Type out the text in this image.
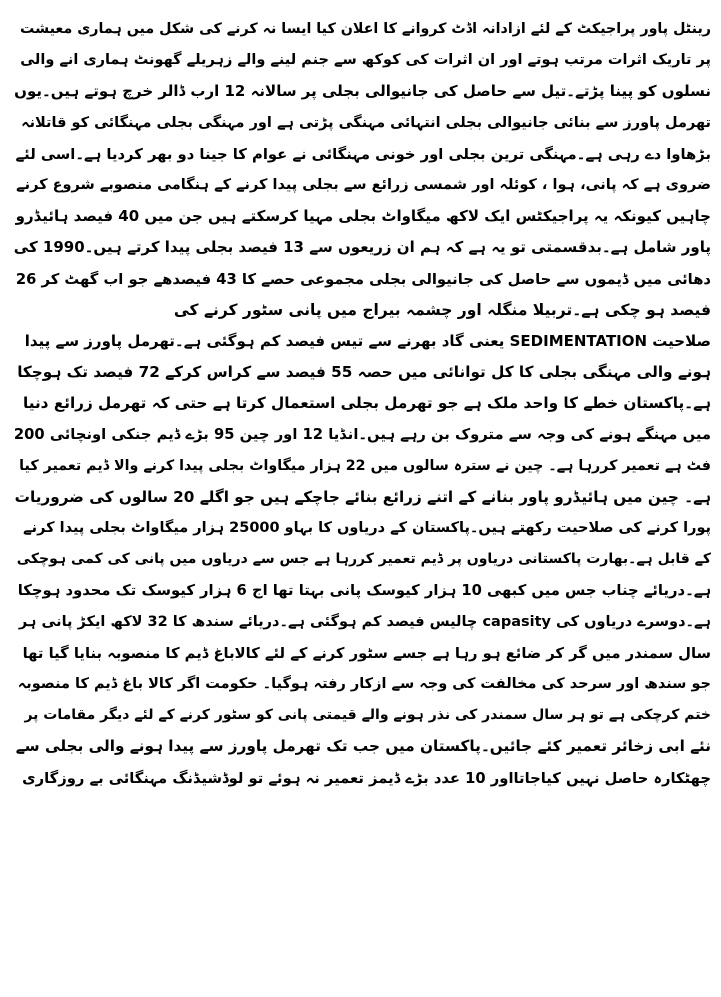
رینٹل پاور پراجیکٹ کے لئے ازادانہ اڈٹ کروانے کا اعلان کیا ایسا نہ کرنے کی شکل میں ہماری معیشت
پر تاریک اثرات مرتب ہوتے اور ان اثرات کی کوکھ سے جنم لینے والے زہریلے گھونٹ ہماری انے والی
نسلوں کو پینا پڑتے۔تیل سے حاصل کی جانیوالی بجلی پر سالانہ 12 ارب ڈالر خرچ ہوتے ہیں۔یوں
تھرمل پاورز سے بنائی جانیوالی بجلی انتہائی مہنگی پڑتی ہے اور مہنگی بجلی مہنگائی کو قاتلانہ
بڑھاوا دے رہی ہے۔مہنگی ترین بجلی اور خونی مہنگائی نے عوام کا جینا دو بھر کردیا ہے۔اسی لئے
ضروی ہے کہ پانی، ہوا ، کوئلہ اور شمسی زرائع سے بجلی پیدا کرنے کے ہنگامی منصوبے شروع کرنے
چاہیں کیونکہ یہ پراجیکٹس ایک لاکھ میگاواٹ بجلی مہیا کرسکتے ہیں جن میں 40 فیصد ہائیڈرو
پاور شامل ہے۔بدقسمتی تو یہ ہے کہ ہم ان زریعوں سے 13 فیصد بجلی پیدا کرتے ہیں۔1990 کی
دھائی میں ڈیموں سے حاصل کی جانیوالی بجلی مجموعی حصے کا 43 فیصدھے جو اب گھٹ کر 26
فیصد ہو چکی ہے۔تربیلا منگلہ اور چشمہ بیراج میں پانی سٹور کرنے کی
صلاحیت SEDIMENTATION یعنی گاد بھرنے سے تیس فیصد کم ہوگئی ہے۔تھرمل پاورز سے پیدا
ہونے والی مہنگی بجلی کا کل توانائی میں حصہ 55 فیصد سے کراس کرکے 72 فیصد تک ہوچکا
ہے۔پاکستان خطے کا واحد ملک ہے جو تھرمل بجلی استعمال کرتا ہے حتی کہ تھرمل زرائع دنیا
میں مہنگے ہونے کی وجہ سے متروک بن رہے ہیں۔انڈیا 12 اور چین 95 بڑے ڈیم جنکی اونچائی 200
فٹ ہے تعمیر کررہا ہے۔ چین نے سترہ سالوں میں 22 ہزار میگاواٹ بجلی پیدا کرنے والا ڈیم تعمیر کیا
ہے۔ چین میں ہائیڈرو پاور بنانے کے اتنے زرائع بنائے جاچکے ہیں جو اگلے 20 سالوں کی ضروریات
پورا کرنے کی صلاحیت رکھتے ہیں۔پاکستان کے دریاوں کا بہاو 25000 ہزار میگاواٹ بجلی پیدا کرنے
کے قابل ہے۔بھارت پاکستانی دریاوں پر ڈیم تعمیر کررہا ہے جس سے دریاوں میں پانی کی کمی ہوچکی
ہے۔دریائے چناب جس میں کبھی 10 ہزار کیوسک پانی بہتا تھا اج 6 ہزار کیوسک تک محدود ہوچکا
ہے۔دوسرے دریاوں کی capasity چالیس فیصد کم ہوگئی ہے۔دریائے سندھ کا 32 لاکھ ایکڑ پانی ہر
سال سمندر میں گر کر ضائع ہو رہا ہے جسے سٹور کرنے کے لئے کالاباغ ڈیم کا منصوبہ بنایا گیا تھا
جو سندھ اور سرحد کی مخالفت کی وجہ سے ازکار رفتہ ہوگیا۔ حکومت اگر کالا باغ ڈیم کا منصوبہ
ختم کرچکی ہے تو ہر سال سمندر کی نذر ہونے والے قیمتی پانی کو سٹور کرنے کے لئے دیگر مقامات پر
نئے ابی زخائر تعمیر کئے جائیں۔پاکستان میں جب تک تھرمل پاورز سے پیدا ہونے والی بجلی سے
چھٹکارہ حاصل نہیں کیاجاتااور 10 عدد بڑے ڈیمز تعمیر نہ ہوئے تو لوڈشیڈنگ مہنگائی بے روزگاری
